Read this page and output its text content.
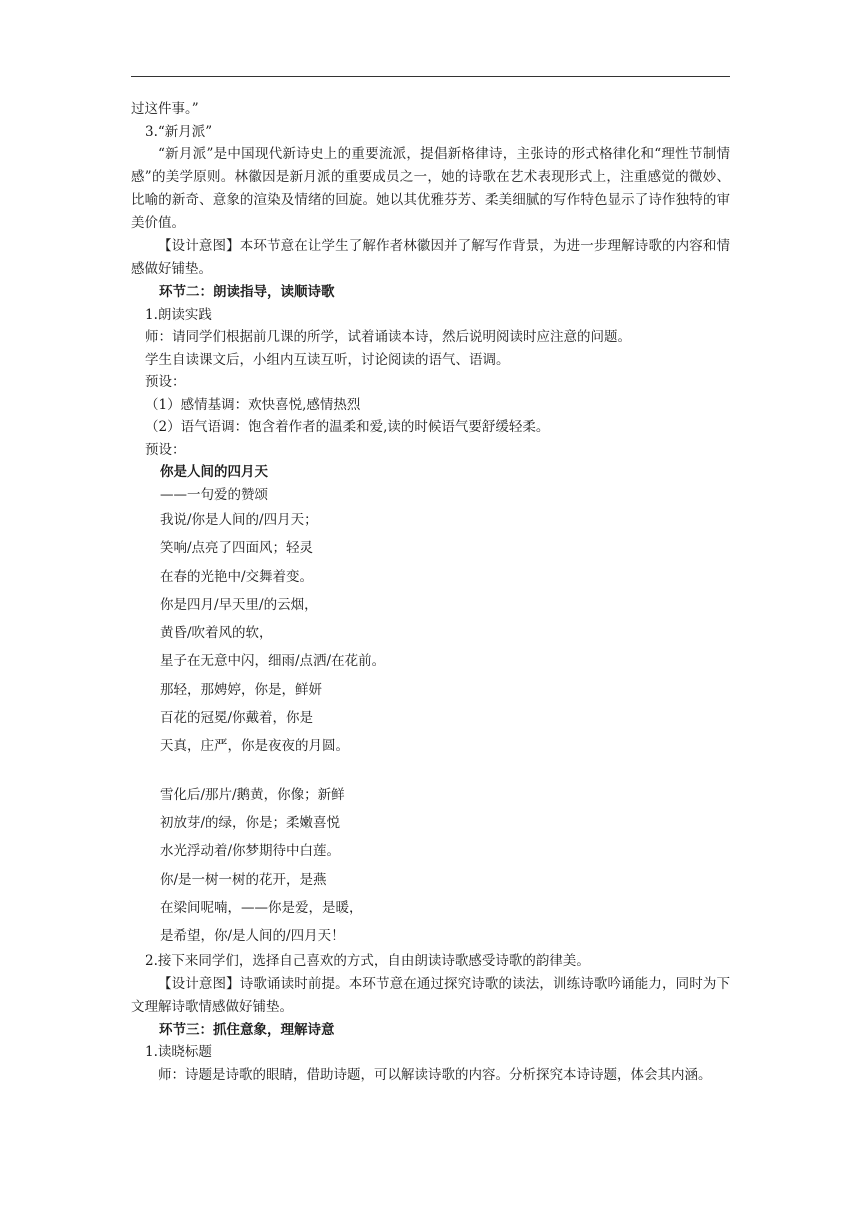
过这件事。”
3.“新月派”
“新月派”是中国现代新诗史上的重要流派，提倡新格律诗，主张诗的形式格律化和“理性节制情感”的美学原则。林徽因是新月派的重要成员之一，她的诗歌在艺术表现形式上，注重感觉的微妙、比喻的新奇、意象的渲染及情绪的回旋。她以其优雅芬芳、柔美细腻的写作特色显示了诗作独特的审美价值。
【设计意图】本环节意在让学生了解作者林徽因并了解写作背景，为进一步理解诗歌的内容和情感做好铺垫。
环节二：朗读指导，读顺诗歌
1.朗读实践
师：请同学们根据前几课的所学，试着诵读本诗，然后说明阅读时应注意的问题。
学生自读课文后，小组内互读互听，讨论阅读的语气、语调。
预设：
（1）感情基调：欢快喜悦,感情热烈
（2）语气语调：饱含着作者的温柔和爱,读的时候语气要舒缓轻柔。
预设：
你是人间的四月天
——一句爱的赞颂
我说/你是人间的/四月天；
笑响/点亮了四面风；轻灵
在春的光艳中/交舞着变。
你是四月/早天里/的云烟，
黄昏/吹着风的软，
星子在无意中闪，细雨/点洒/在花前。
那轻，那娉婷，你是，鲜妍
百花的冠冕/你戴着，你是
天真，庄严，你是夜夜的月圆。
雪化后/那片/鹅黄，你像；新鲜
初放芽/的绿，你是；柔嫩喜悦
水光浮动着/你梦期待中白莲。
你/是一树一树的花开，是燕
在梁间呢喃，——你是爱，是暖，
是希望，你/是人间的/四月天！
2.接下来同学们，选择自己喜欢的方式，自由朗读诗歌感受诗歌的韵律美。
【设计意图】诗歌诵读时前提。本环节意在通过探究诗歌的读法，训练诗歌吟诵能力，同时为下文理解诗歌情感做好铺垫。
环节三：抓住意象，理解诗意
1.读晓标题
师：诗题是诗歌的眼睛，借助诗题，可以解读诗歌的内容。分析探究本诗诗题，体会其内涵。
